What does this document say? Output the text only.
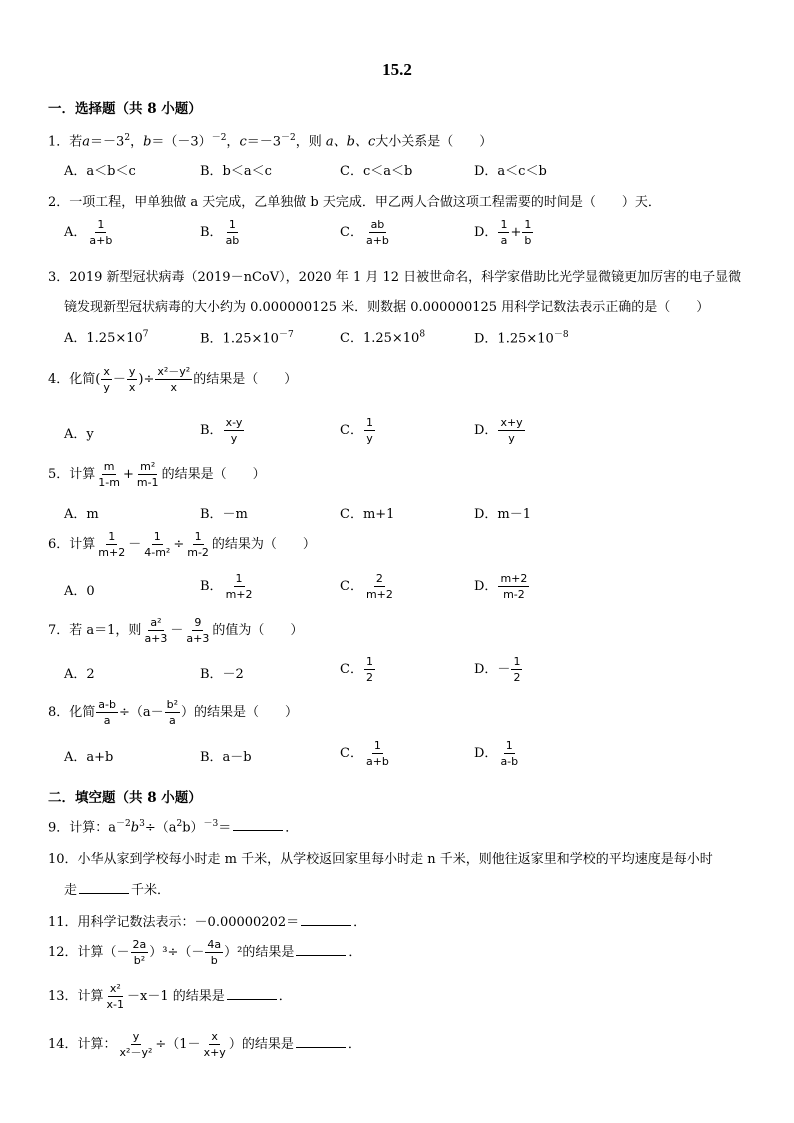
15.2
一．选择题（共 8 小题）
1．若$a=-3^2$，$b=(-3)^{-2}$，$c=-3^{-2}$，则 a、b、c大小关系是（　　）
A．a＜b＜c	B．b＜a＜c	C．c＜a＜b	D．a＜c＜b
2．一项工程，甲单独做 a 天完成，乙单独做 b 天完成．甲乙两人合做这项工程需要的时间是（　　）天．
A． $\frac{1}{a+b}$	B． $\frac{1}{ab}$	C． $\frac{ab}{a+b}$	D． $\frac{1}{a} + \frac{1}{b}$
3．2019 新型冠状病毒（2019－nCoV），2020 年 1 月 12 日被世命名，科学家借助比光学显微镜更加厉害的电子显微
镜发现新型冠状病毒的大小约为 0.000000125 米．则数据 0.000000125 用科学记数法表示正确的是（　　）
A．$1.25\times 10^7$	B．$1.25\times 10^{-7}$	C．$1.25\times 10^8$	D．$1.25\times 10^{-8}$
4．化简( $\frac{x}{y} - \frac{y}{x}$ )÷ $\frac{\text{x²－y²}}{x}$ 的结果是（　　）
A．y	B． $\frac{x-y}{y}$	C． $\frac{1}{y}$	D． $\frac{x+y}{y}$
5．计算 $\frac{m}{1-m} + \frac{\text{m²}}{m-1}$ 的结果是（　　）
A．m	B．－m	C．m+1	D．m－1
6．计算 $\frac{1}{m+2} - \frac{1}{\text{4-m²}} \div \frac{1}{m-2}$ 的结果为（　　）
A．0	B． $\frac{1}{m+2}$	C． $\frac{2}{m+2}$	D． $\frac{m+2}{m-2}$
7．若 a＝1，则 $\frac{\text{a²}}{a+3} - \frac{9}{a+3}$ 的值为（　　）
A．2	B．－2	C． $\frac{1}{2}$	D．－ $\frac{1}{2}$
8．化简 $\frac{a-b}{a} \div(a- \frac{\text{b²}}{a}$ ）的结果是（　　）
A．a+b	B．a－b	C． $\frac{1}{a+b}$	D． $\frac{1}{a-b}$
二．填空题（共 8 小题）
9．计算：$a^{-2}b^3\div(a^2b)^{-3}=$	．
10．小华从家到学校每小时走 m 千米，从学校返回家里每小时走 n 千米，则他往返家里和学校的平均速度是每小时
走	千米．
11．用科学记数法表示：－0.00000202＝	．
12．计算（－ $\frac{2a}{\text{b²}} )^3\div(- \frac{4a}{b} )^2$的结果是	．
13．计算 $\frac{\text{x²}}{x-1} -x-1$ 的结果是	．
14．计算： $\frac{y}{\text{x²－y²}} \div(1- \frac{x}{x+y}$ ）的结果是	．
